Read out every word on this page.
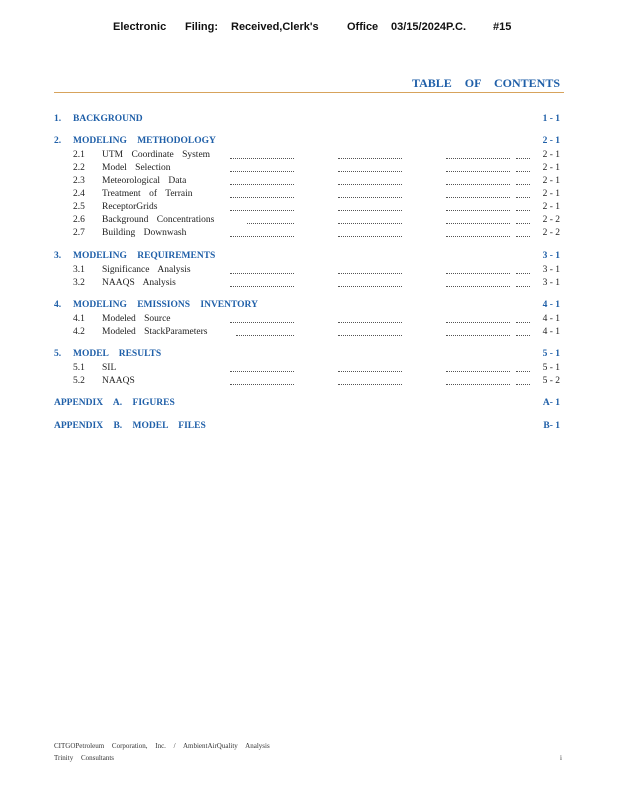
Electronic Filing: Received,Clerk's	Office 03/15/2024P.C. #15
TABLE OF CONTENTS
1. BACKGROUND	1 - 1
2. MODELING METHODOLOGY	2 - 1
2.1 UTM Coordinate System	2 - 1
2.2 Model Selection	2 - 1
2.3 Meteorological Data	2 - 1
2.4 Treatment of Terrain	2 - 1
2.5 ReceptorGrids	2 - 1
2.6 Background Concentrations	2 - 2
2.7 Building Downwash	2 - 2
3. MODELING REQUIREMENTS	3 - 1
3.1 Significance Analysis	3 - 1
3.2 NAAQS Analysis	3 - 1
4. MODELING EMISSIONS INVENTORY	4 - 1
4.1 Modeled Source	4 - 1
4.2 Modeled StackParameters	4 - 1
5. MODEL RESULTS	5 - 1
5.1 SIL	5 - 1
5.2 NAAQS	5 - 2
APPENDIX A. FIGURES	A- 1
APPENDIX B. MODEL FILES	B- 1
CITGOPetroleum Corporation, Inc. / AmbientAirQuality Analysis
Trinity Consultants	i
